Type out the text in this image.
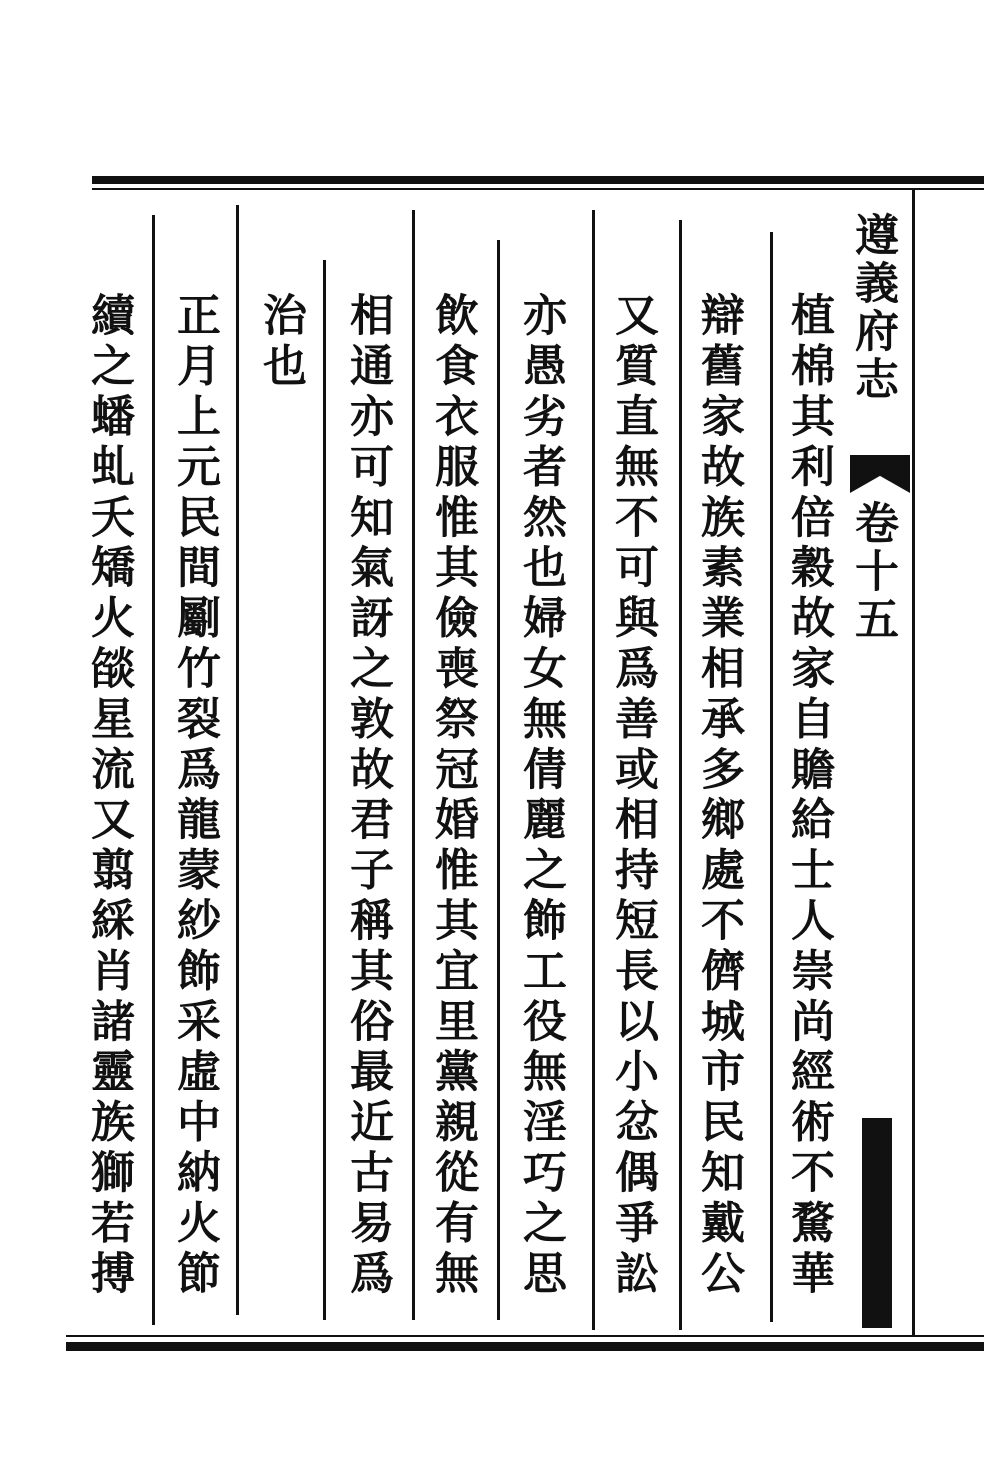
遵義府志
卷十五
植棉其利倍穀故家自贍給士人崇尚經術不騖華
辯舊家故族素業相承多鄉處不儕城市民知戴公
又質直無不可與爲善或相持短長以小忿偶爭訟
亦愚劣者然也婦女無倩麗之飾工役無淫巧之思
飲食衣服惟其儉喪祭冠婚惟其宜里黨親從有無
相通亦可知氣訝之敦故君子稱其俗最近古易爲
治也
正月上元民間劚竹裂爲龍蒙紗飾采虛中納火節
續之蟠虬夭矯火燄星流又翦綵肖諸靈族獅若搏
